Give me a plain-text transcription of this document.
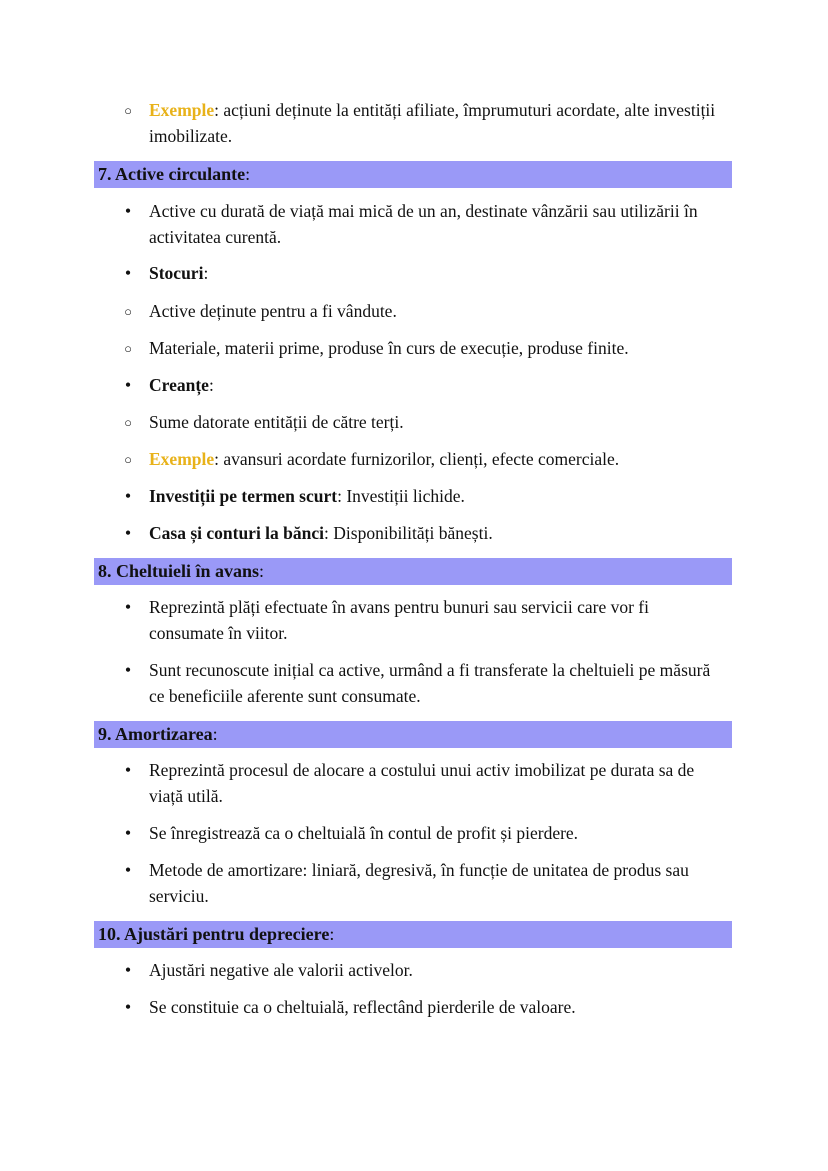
○ Exemple: acțiuni deținute la entități afiliate, împrumuturi acordate, alte investiții imobilizate.
7. Active circulante:
• Active cu durată de viață mai mică de un an, destinate vânzării sau utilizării în activitatea curentă.
• Stocuri:
○ Active deținute pentru a fi vândute.
○ Materiale, materii prime, produse în curs de execuție, produse finite.
• Creanțe:
○ Sume datorate entității de către terți.
○ Exemple: avansuri acordate furnizorilor, clienți, efecte comerciale.
• Investiții pe termen scurt: Investiții lichide.
• Casa și conturi la bănci: Disponibilități bănești.
8. Cheltuieli în avans:
• Reprezintă plăți efectuate în avans pentru bunuri sau servicii care vor fi consumate în viitor.
• Sunt recunoscute inițial ca active, urmând a fi transferate la cheltuieli pe măsură ce beneficiile aferente sunt consumate.
9. Amortizarea:
• Reprezintă procesul de alocare a costului unui activ imobilizat pe durata sa de viață utilă.
• Se înregistrează ca o cheltuială în contul de profit și pierdere.
• Metode de amortizare: liniară, degresivă, în funcție de unitatea de produs sau serviciu.
10. Ajustări pentru depreciere:
• Ajustări negative ale valorii activelor.
• Se constituie ca o cheltuială, reflectând pierderile de valoare.
